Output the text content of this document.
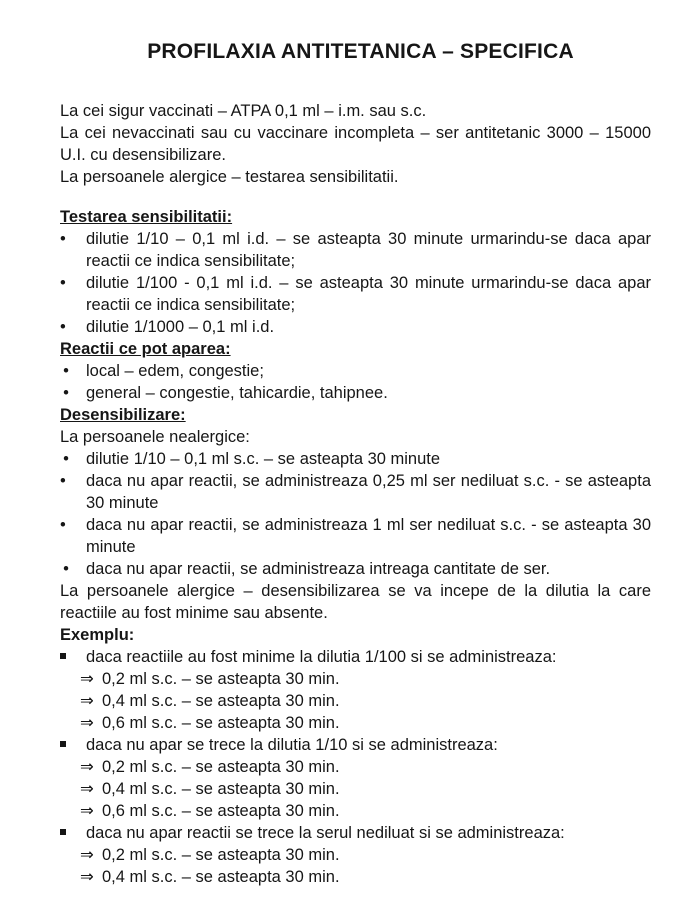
PROFILAXIA ANTITETANICA – SPECIFICA

La cei sigur vaccinati – ATPA 0,1 ml – i.m. sau s.c.

La cei nevaccinati sau cu vaccinare incompleta – ser antitetanic 3000 – 15000 U.I. cu desensibilizare.

La persoanele alergice – testarea sensibilitatii.

Testarea sensibilitatii:
•	dilutie 1/10 – 0,1 ml i.d. – se asteapta 30 minute urmarindu-se daca apar reactii ce indica sensibilitate;
•	dilutie 1/100 - 0,1 ml i.d. – se asteapta 30 minute urmarindu-se daca apar reactii ce indica sensibilitate;
•	dilutie 1/1000 – 0,1 ml i.d.
Reactii ce pot aparea:
• local – edem, congestie;
• general – congestie, tahicardie, tahipnee.
Desensibilizare:

La persoanele nealergice:

• dilutie 1/10 – 0,1 ml s.c. – se asteapta 30 minute
•	daca nu apar reactii, se administreaza 0,25 ml ser nediluat s.c. - se asteapta 30 minute
•	daca nu apar reactii, se administreaza 1 ml ser nediluat s.c. - se asteapta 30 minute
• daca nu apar reactii, se administreaza intreaga cantitate de ser.

La persoanele alergice – desensibilizarea se va incepe de la dilutia la care reactiile au fost minime sau absente.

Exemplu:
daca reactiile au fost minime la dilutia 1/100 si se administreaza:
⇒ 0,2 ml s.c. – se asteapta 30 min.
⇒ 0,4 ml s.c. – se asteapta 30 min.
⇒ 0,6 ml s.c. – se asteapta 30 min.
daca nu apar se trece la dilutia 1/10 si se administreaza:
⇒ 0,2 ml s.c. – se asteapta 30 min.
⇒ 0,4 ml s.c. – se asteapta 30 min.
⇒ 0,6 ml s.c. – se asteapta 30 min.
daca nu apar reactii se trece la serul nediluat si se administreaza:
⇒ 0,2 ml s.c. – se asteapta 30 min.
⇒ 0,4 ml s.c. – se asteapta 30 min.
